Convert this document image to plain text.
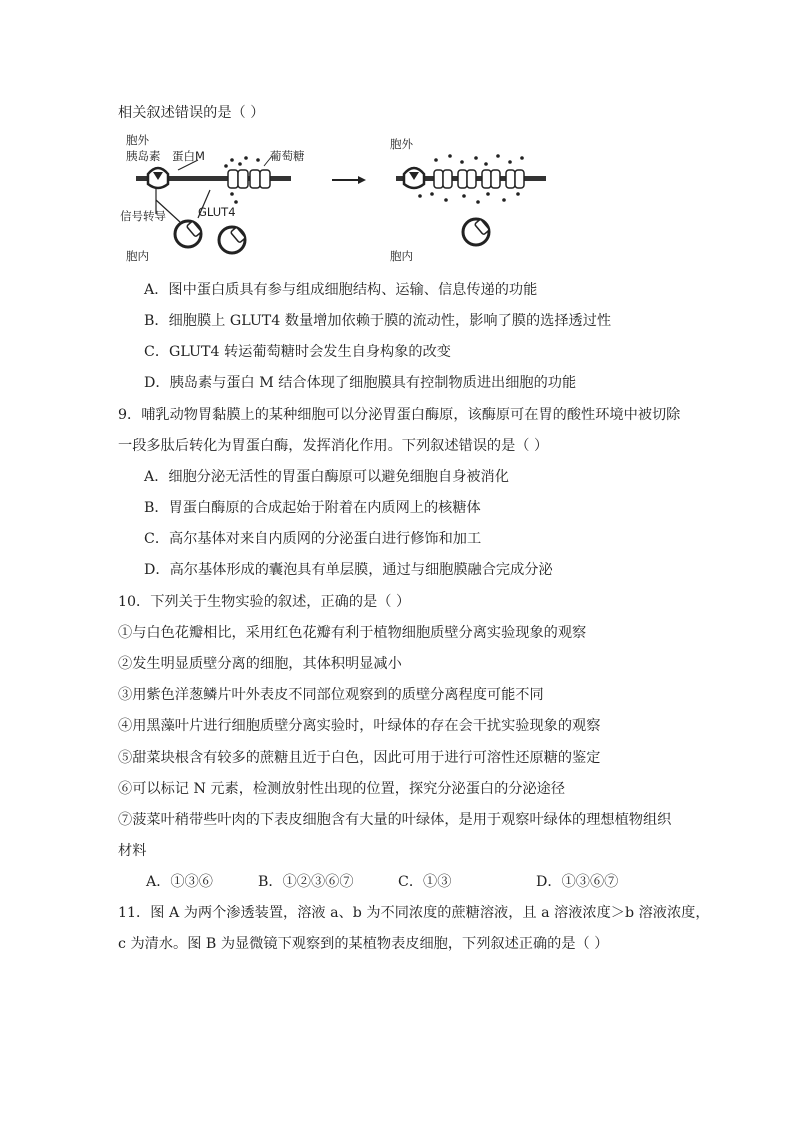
相关叙述错误的是（ ）
胞外
胰岛素 蛋白M	葡萄糖
信号转导	GLUT4
胞内
胞外
胞内
A．图中蛋白质具有参与组成细胞结构、运输、信息传递的功能
B．细胞膜上 GLUT4 数量增加依赖于膜的流动性，影响了膜的选择透过性
C．GLUT4 转运葡萄糖时会发生自身构象的改变
D．胰岛素与蛋白 M 结合体现了细胞膜具有控制物质进出细胞的功能
9．哺乳动物胃黏膜上的某种细胞可以分泌胃蛋白酶原，该酶原可在胃的酸性环境中被切除
一段多肽后转化为胃蛋白酶，发挥消化作用。下列叙述错误的是（ ）
A．细胞分泌无活性的胃蛋白酶原可以避免细胞自身被消化
B．胃蛋白酶原的合成起始于附着在内质网上的核糖体
C．高尔基体对来自内质网的分泌蛋白进行修饰和加工
D．高尔基体形成的囊泡具有单层膜，通过与细胞膜融合完成分泌
10．下列关于生物实验的叙述，正确的是（ ）
①与白色花瓣相比，采用红色花瓣有利于植物细胞质壁分离实验现象的观察
②发生明显质壁分离的细胞，其体积明显减小
③用紫色洋葱鳞片叶外表皮不同部位观察到的质壁分离程度可能不同
④用黑藻叶片进行细胞质壁分离实验时，叶绿体的存在会干扰实验现象的观察
⑤甜菜块根含有较多的蔗糖且近于白色，因此可用于进行可溶性还原糖的鉴定
⑥可以标记 N 元素，检测放射性出现的位置，探究分泌蛋白的分泌途径
⑦菠菜叶稍带些叶肉的下表皮细胞含有大量的叶绿体，是用于观察叶绿体的理想植物组织
材料
A．①③⑥	B．①②③⑥⑦	C．①③	D．①③⑥⑦
11．图 A 为两个渗透装置，溶液 a、b 为不同浓度的蔗糖溶液，且 a 溶液浓度＞b 溶液浓度，
c 为清水。图 B 为显微镜下观察到的某植物表皮细胞，下列叙述正确的是（ ）
